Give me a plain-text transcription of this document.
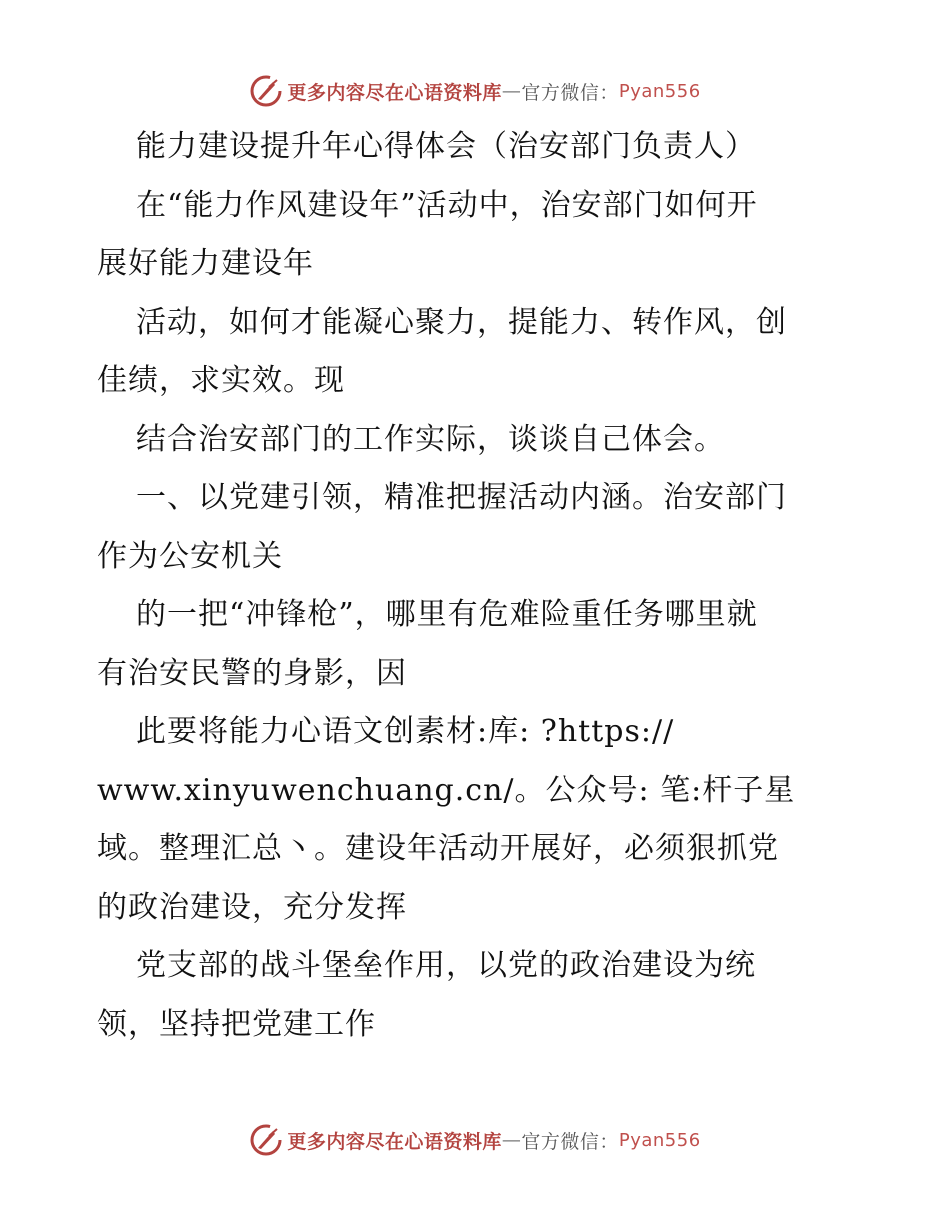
更多内容尽在心语资料库 — 官方微信： Pyan556
能力建设提升年心得体会（治安部门负责人）
在“能力作风建设年”活动中，治安部门如何开
展好能力建设年
活动，如何才能凝心聚力，提能力、转作风，创
佳绩，求实效。现
结合治安部门的工作实际，谈谈自己体会。
一、以党建引领，精准把握活动内涵。治安部门
作为公安机关
的一把“冲锋枪”，哪里有危难险重任务哪里就
有治安民警的身影，因
此要将能力心语文创素材:库: ?https://
www.xinyuwenchuang.cn/。公众号: 笔:杆子星
域。整理汇总丶。建设年活动开展好，必须狠抓党
的政治建设，充分发挥
党支部的战斗堡垒作用，以党的政治建设为统
领，坚持把党建工作
更多内容尽在心语资料库 — 官方微信： Pyan556
